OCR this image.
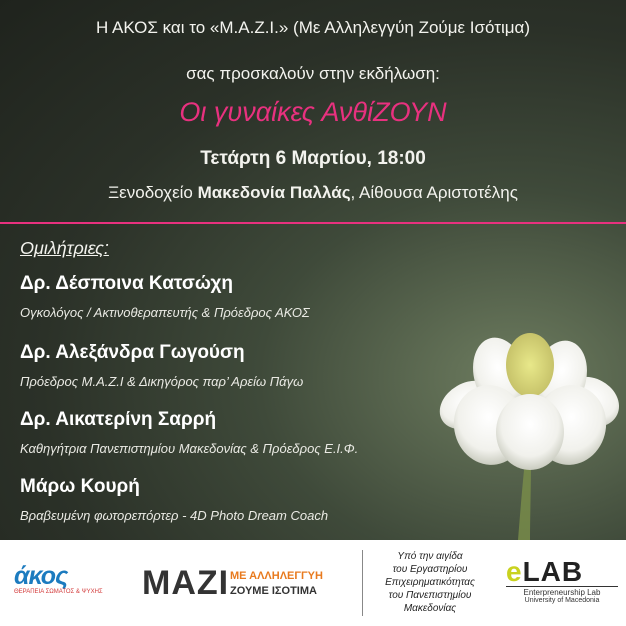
Η ΑΚΟΣ και το «Μ.Α.Ζ.Ι.» (Με Αλληλεγγύη Ζούμε Ισότιμα)
σας προσκαλούν στην εκδήλωση:
Οι γυναίκες ΑνθίΖΟΥΝ
Τετάρτη 6 Μαρτίου, 18:00
Ξενοδοχείο Μακεδονία Παλλάς, Αίθουσα Αριστοτέλης
Ομιλήτριες:
Δρ. Δέσποινα Κατσώχη
Ογκολόγος / Ακτινοθεραπευτής & Πρόεδρος ΑΚΟΣ
Δρ. Αλεξάνδρα Γωγούση
Πρόεδρος Μ.Α.Ζ.Ι & Δικηγόρος παρ’ Αρείω Πάγω
Δρ. Αικατερίνη Σαρρή
Καθηγήτρια Πανεπιστημίου Μακεδονίας & Πρόεδρος Ε.Ι.Φ.
Μάρω Κουρή
Βραβευμένη φωτορεπόρτερ - 4D Photo Dream Coach
άκος
ΘΕΡΑΠΕΙΑ ΣΩΜΑΤΟΣ & ΨΥΧΗΣ	MAZI ΜΕ ΑΛΛΗΛΕΓΓΥΗ
ΖΟΥΜΕ ΙΣΟΤΙΜΑ
Υπό την αιγίδα
του Εργαστηρίου
Επιχειρηματικότητας
του Πανεπιστημίου
Μακεδονίας
eLAB
Enterpreneurship Lab
University of Macedonia
